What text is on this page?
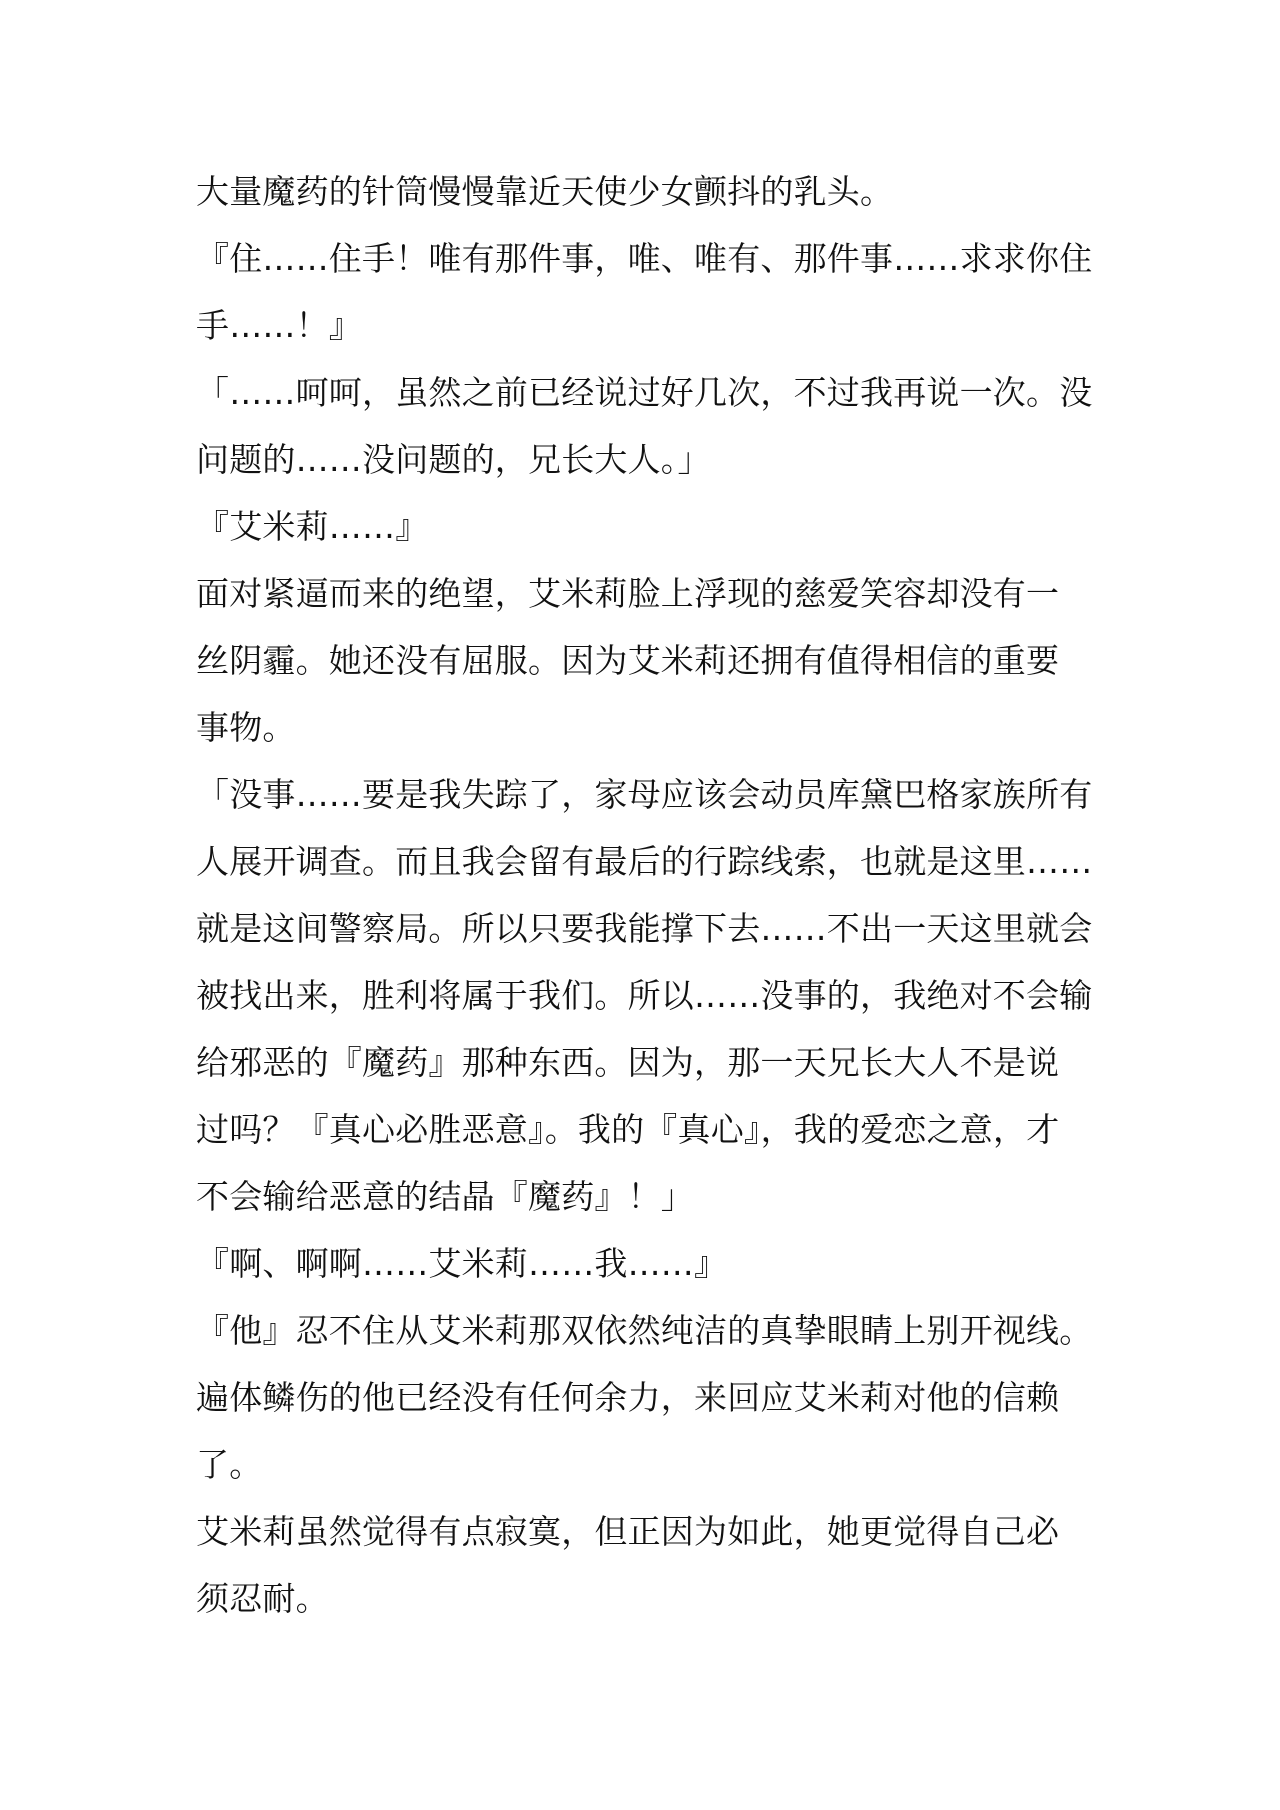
大量魔药的针筒慢慢靠近天使少女颤抖的乳头。
『住……住手！唯有那件事，唯、唯有、那件事……求求你住
手……！』
「……呵呵，虽然之前已经说过好几次，不过我再说一次。没
问题的……没问题的，兄长大人。」
『艾米莉……』
面对紧逼而来的绝望，艾米莉脸上浮现的慈爱笑容却没有一
丝阴霾。她还没有屈服。因为艾米莉还拥有值得相信的重要
事物。
「没事……要是我失踪了，家母应该会动员库黛巴格家族所有
人展开调查。而且我会留有最后的行踪线索，也就是这里……
就是这间警察局。所以只要我能撑下去……不出一天这里就会
被找出来，胜利将属于我们。所以……没事的，我绝对不会输
给邪恶的『魔药』那种东西。因为，那一天兄长大人不是说
过吗？『真心必胜恶意』。我的『真心』，我的爱恋之意，才
不会输给恶意的结晶『魔药』！」
『啊、啊啊……艾米莉……我……』
『他』忍不住从艾米莉那双依然纯洁的真挚眼睛上别开视线。
遍体鳞伤的他已经没有任何余力，来回应艾米莉对他的信赖
了。
艾米莉虽然觉得有点寂寞，但正因为如此，她更觉得自己必
须忍耐。
